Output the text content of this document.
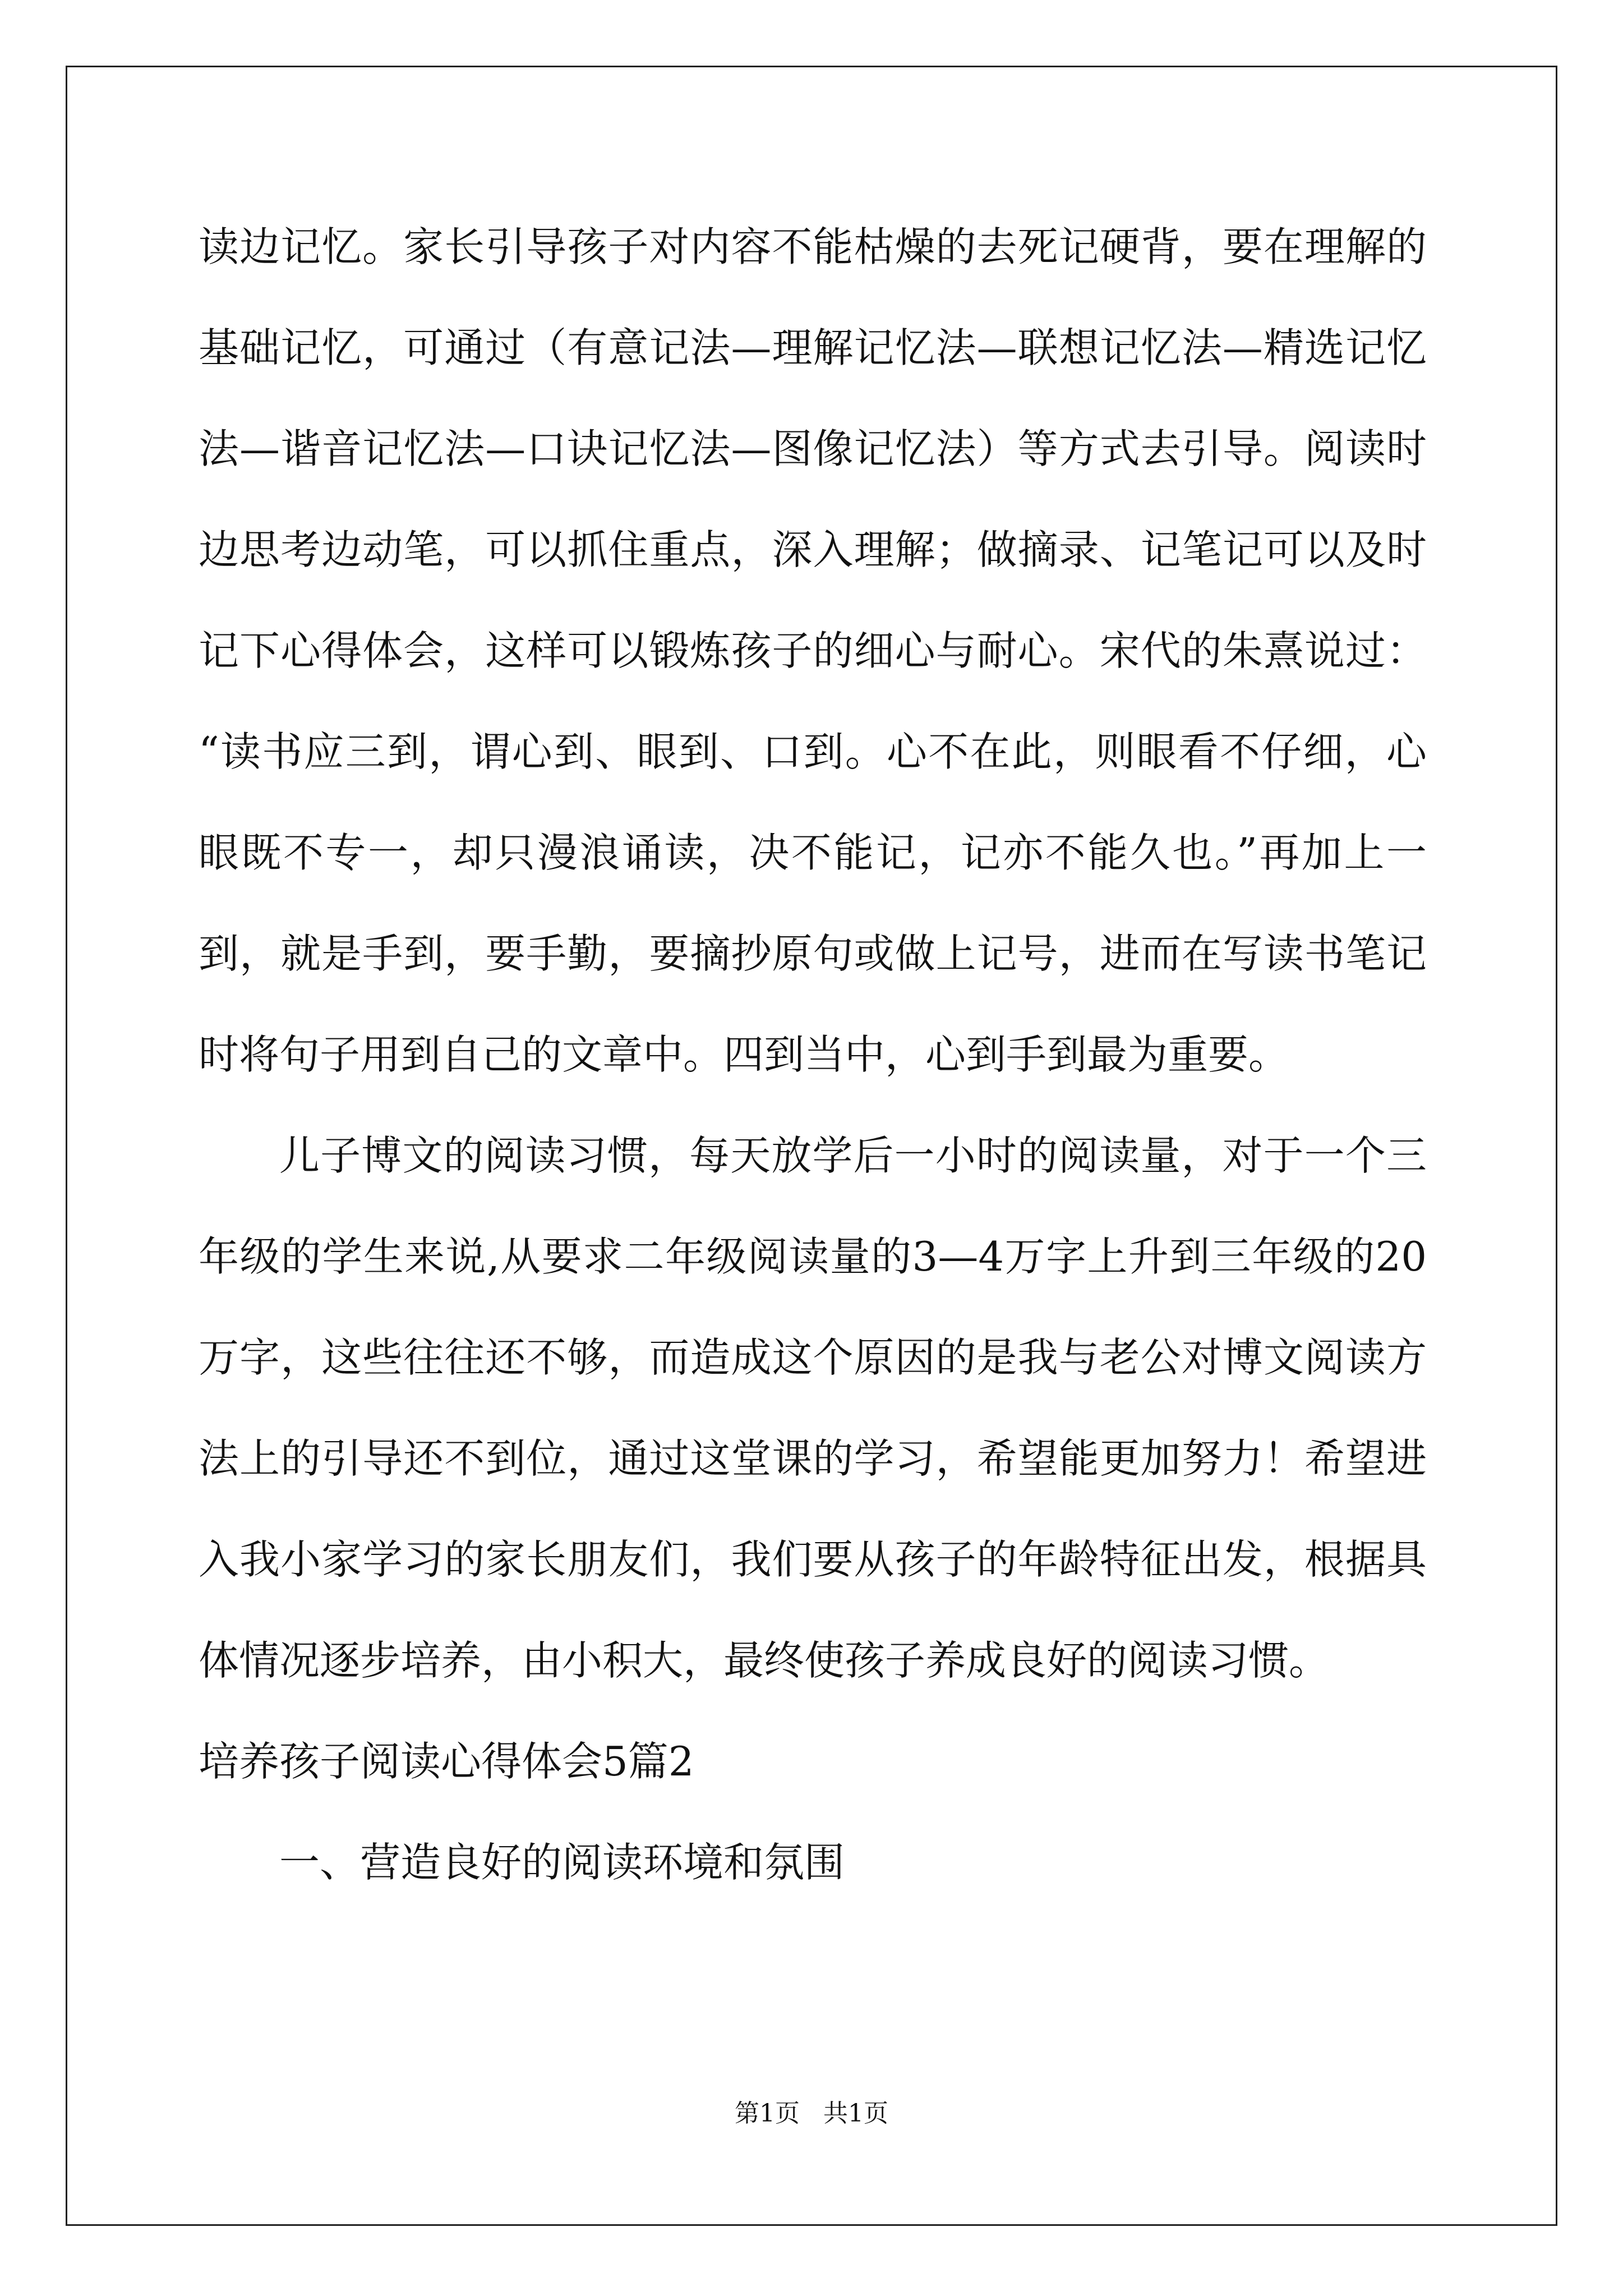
读边记忆。家长引导孩子对内容不能枯燥的去死记硬背，要在理解的
基础记忆，可通过（有意记法—理解记忆法—联想记忆法—精选记忆
法—谐音记忆法—口诀记忆法—图像记忆法）等方式去引导。阅读时
边思考边动笔，可以抓住重点，深入理解；做摘录、记笔记可以及时
记下心得体会，这样可以锻炼孩子的细心与耐心。宋代的朱熹说过：
“读书应三到，谓心到、眼到、口到。心不在此，则眼看不仔细，心
眼既不专一，却只漫浪诵读，决不能记，记亦不能久也。”再加上一
到，就是手到，要手勤，要摘抄原句或做上记号，进而在写读书笔记
时将句子用到自己的文章中。四到当中，心到手到最为重要。
儿子博文的阅读习惯，每天放学后一小时的阅读量，对于一个三
年级的学生来说,从要求二年级阅读量的3—4万字上升到三年级的20
万字，这些往往还不够，而造成这个原因的是我与老公对博文阅读方
法上的引导还不到位，通过这堂课的学习，希望能更加努力！希望进
入我小家学习的家长朋友们，我们要从孩子的年龄特征出发，根据具
体情况逐步培养，由小积大，最终使孩子养成良好的阅读习惯。
培养孩子阅读心得体会5篇2
一、营造良好的阅读环境和氛围
第1页   共1页
